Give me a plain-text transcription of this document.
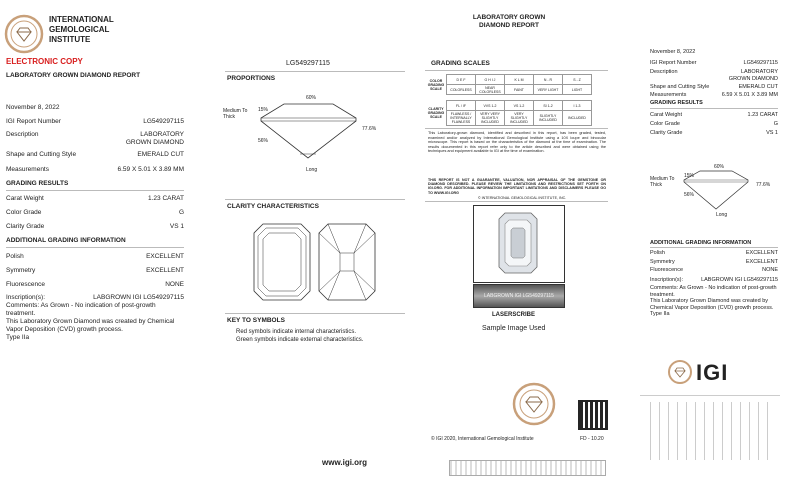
INTERNATIONAL
GEMOLOGICAL
INSTITUTE
ELECTRONIC COPY
LABORATORY GROWN DIAMOND REPORT
November 8, 2022
IGI Report Number	LG549297115
Description	LABORATORY GROWN DIAMOND
Shape and Cutting Style	EMERALD CUT
Measurements	6.59 X 5.01 X 3.89 MM
GRADING RESULTS
Carat Weight	1.23 CARAT
Color Grade	G
Clarity Grade	VS 1
ADDITIONAL GRADING INFORMATION
Polish	EXCELLENT
Symmetry	EXCELLENT
Fluorescence	NONE
Inscription(s):	LABGROWN IGI LG549297115
Comments: As Grown - No indication of post-growth treatment.
This Laboratory Grown Diamond was created by Chemical Vapor Deposition (CVD) growth process.
Type IIa
LG549297115
PROPORTIONS
60%
15%
56%
77.6%
Medium To Thick
Long
CLARITY CHARACTERISTICS
KEY TO SYMBOLS
Red symbols indicate internal characteristics.
Green symbols indicate external characteristics.
www.igi.org
LABORATORY GROWN
DIAMOND REPORT
GRADING SCALES
COLOR GRADING SCALE	D E F	G H I J	K L M	N - R	S - Z
	COLORLESS	NEAR COLORLESS	FAINT	VERY LIGHT	LIGHT
CLARITY GRADING SCALE	FL / IF	VVS 1-2	VS 1-2	SI 1-2	I 1-3
	FLAWLESS / INTERNALLY FLAWLESS	VERY VERY SLIGHTLY INCLUDED	VERY SLIGHTLY INCLUDED	SLIGHTLY INCLUDED	INCLUDED
This Laboratory-grown diamond, identified and described in this report, has been graded, tested, examined and/or analyzed by International Gemological Institute using a 10X loupe and binocular microscope. This report is based on the characteristics of the diamond at the time of examination. The results documented in this report refer only to the article described and were obtained using the techniques and equipment available to IGI at the time of examination.
THIS REPORT IS NOT A GUARANTEE, VALUATION, NOR APPRAISAL OF THE GEMSTONE OR DIAMOND DESCRIBED. PLEASE REVIEW THE LIMITATIONS AND RESTRICTIONS SET FORTH ON IGI.ORG. FOR ADDITIONAL INFORMATION IMPORTANT LIMITATIONS AND DISCLAIMERS PLEASE GO TO WWW.IGI.ORG
© INTERNATIONAL GEMOLOGICAL INSTITUTE, INC.
LABGROWN IGI LG549297115
LASERSCRIBE
Sample Image Used
© IGI 2020, International Gemological Institute	FD - 10.20
November 8, 2022
IGI Report Number	LG549297115
Description	LABORATORY GROWN DIAMOND
Shape and Cutting Style	EMERALD CUT
Measurements	6.59 X 5.01 X 3.89 MM
GRADING RESULTS
Carat Weight	1.23 CARAT
Color Grade	G
Clarity Grade	VS 1
60%
15%
56%
77.6%
Medium To Thick
Long
ADDITIONAL GRADING INFORMATION
Polish	EXCELLENT
Symmetry	EXCELLENT
Fluorescence	NONE
Inscription(s):	LABGROWN IGI LG549297115
Comments: As Grown - No indication of post-growth treatment.
This Laboratory Grown Diamond was created by Chemical Vapor Deposition (CVD) growth process.
Type IIa
IGI
